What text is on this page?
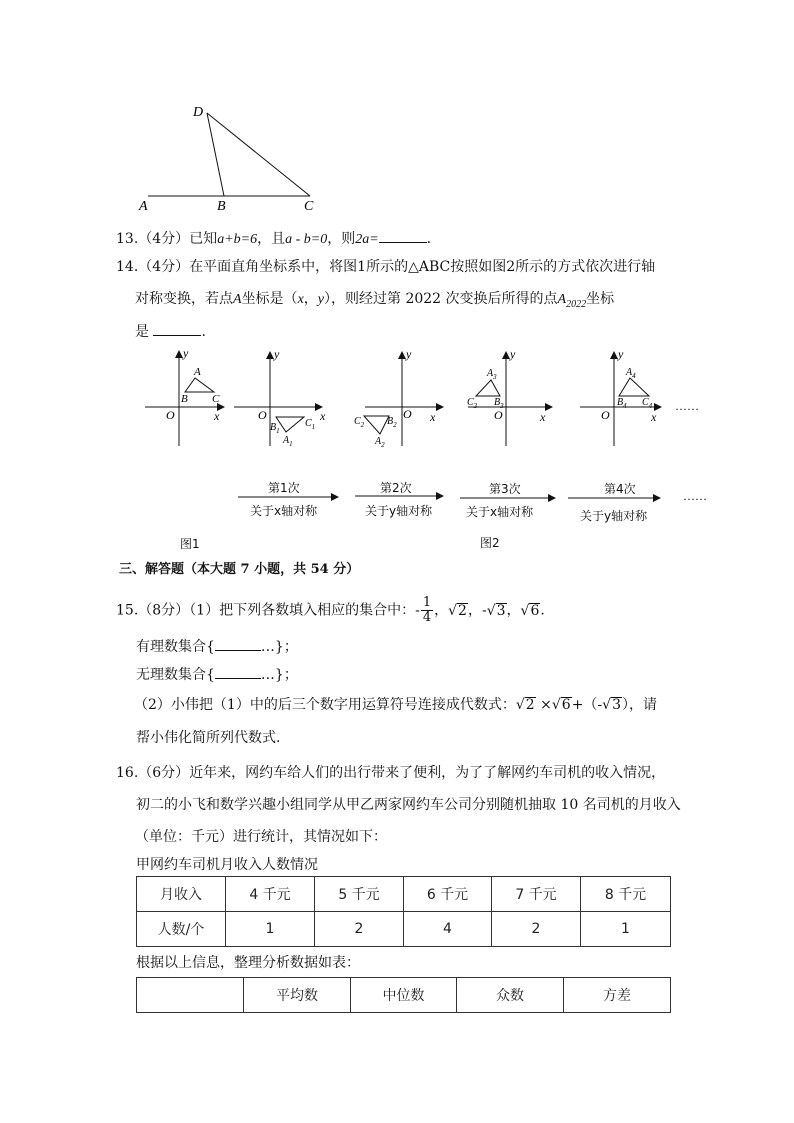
D
A	B	C
13.（4分）已知a+b=6，且a - b=0，则2a=	.
14.（4分）在平面直角坐标系中，将图1所示的△ABC按照如图2所示的方式依次进行轴
对称变换，若点A坐标是（x，y），则经过第 2022 次变换后所得的点$A_{2022}$坐标
是	.
y
x
O
A
B C
y
x
O
$B_1$
$C_1$
$A_1$
y
x
O
$C_2$ $B_2$
$A_2$
y
x
O
$A_3$
$C_3$ $B_3$
y
x
O
$A_4$
$B_4$ $C_4$ ……
……
第1次
关于x轴对称
第2次
关于y轴对称
第3次
关于x轴对称
第4次
关于y轴对称
图1	图2
三、解答题（本大题 7 小题，共 54 分）
15.（8分）（1）把下列各数填入相应的集合中：- $\frac{1}{4}$ ，√2，-√3，√6.
有理数集合{	…}；
无理数集合{	…}；
（2）小伟把（1）中的后三个数字用运算符号连接成代数式：√2 ×√6+（-√3），请
帮小伟化简所列代数式.
16.（6分）近年来，网约车给人们的出行带来了便利，为了了解网约车司机的收入情况，
初二的小飞和数学兴趣小组同学从甲乙两家网约车公司分别随机抽取 10 名司机的月收入
（单位：千元）进行统计，其情况如下：
甲网约车司机月收入人数情况
月收入	4 千元	5 千元	6 千元	7 千元	8 千元
人数/个	1	2	4	2	1
根据以上信息，整理分析数据如表：
	平均数	中位数	众数	方差
